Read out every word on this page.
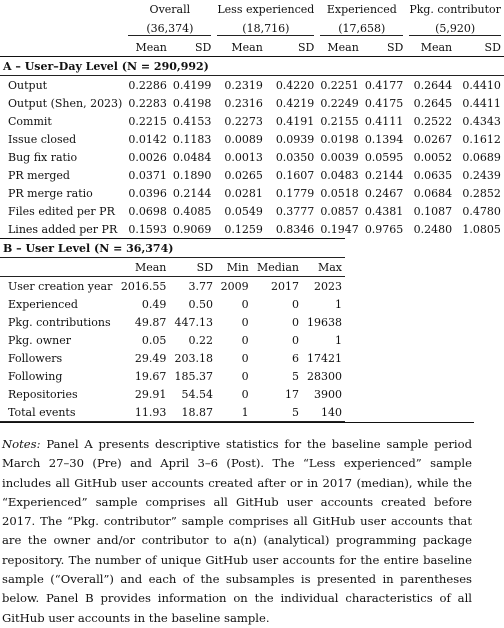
	Overall		Less experienced		Experienced		Pkg. contributor	

	(36,374)		(18,716)		(17,658)		(5,920)	

	Mean	SD	Mean	SD	Mean	SD	Mean	SD
A – User–Day Level (N = 290,992)								
Output	0.2286	0.4199	0.2319	0.4220	0.2251	0.4177	0.2644	0.4410
Output (Shen, 2023)	0.2283	0.4198	0.2316	0.4219	0.2249	0.4175	0.2645	0.4411
Commit	0.2215	0.4153	0.2273	0.4191	0.2155	0.4111	0.2522	0.4343
Issue closed	0.0142	0.1183	0.0089	0.0939	0.0198	0.1394	0.0267	0.1612
Bug fix ratio	0.0026	0.0484	0.0013	0.0350	0.0039	0.0595	0.0052	0.0689
PR merged	0.0371	0.1890	0.0265	0.1607	0.0483	0.2144	0.0635	0.2439
PR merge ratio	0.0396	0.2144	0.0281	0.1779	0.0518	0.2467	0.0684	0.2852
Files edited per PR	0.0698	0.4085	0.0549	0.3777	0.0857	0.4381	0.1087	0.4780
Lines added per PR	0.1593	0.9069	0.1259	0.8346	0.1947	0.9765	0.2480	1.0805
B – User Level (N = 36,374)					
	Mean	SD	Min	Median	Max
User creation year	2016.55	3.77	2009	2017	2023
Experienced	0.49	0.50	0	0	1
Pkg. contributions	49.87	447.13	0	0	19638
Pkg. owner	0.05	0.22	0	0	1
Followers	29.49	203.18	0	6	17421
Following	19.67	185.37	0	5	28300
Repositories	29.91	54.54	0	17	3900
Total events	11.93	18.87	1	5	140
Notes: Panel A presents descriptive statistics for the baseline sample period March 27–30 (Pre) and April 3–6 (Post). The “Less experienced” sample includes all GitHub user accounts created after or in 2017 (median), while the “Experienced” sample comprises all GitHub user accounts created before 2017. The “Pkg. contributor” sample comprises all GitHub user accounts that are the owner and/or contributor to a(n) (analytical) programming package repository. The number of unique GitHub user accounts for the entire baseline sample (“Overall”) and each of the subsamples is presented in parentheses below. Panel B provides information on the individual characteristics of all GitHub user accounts in the baseline sample.
